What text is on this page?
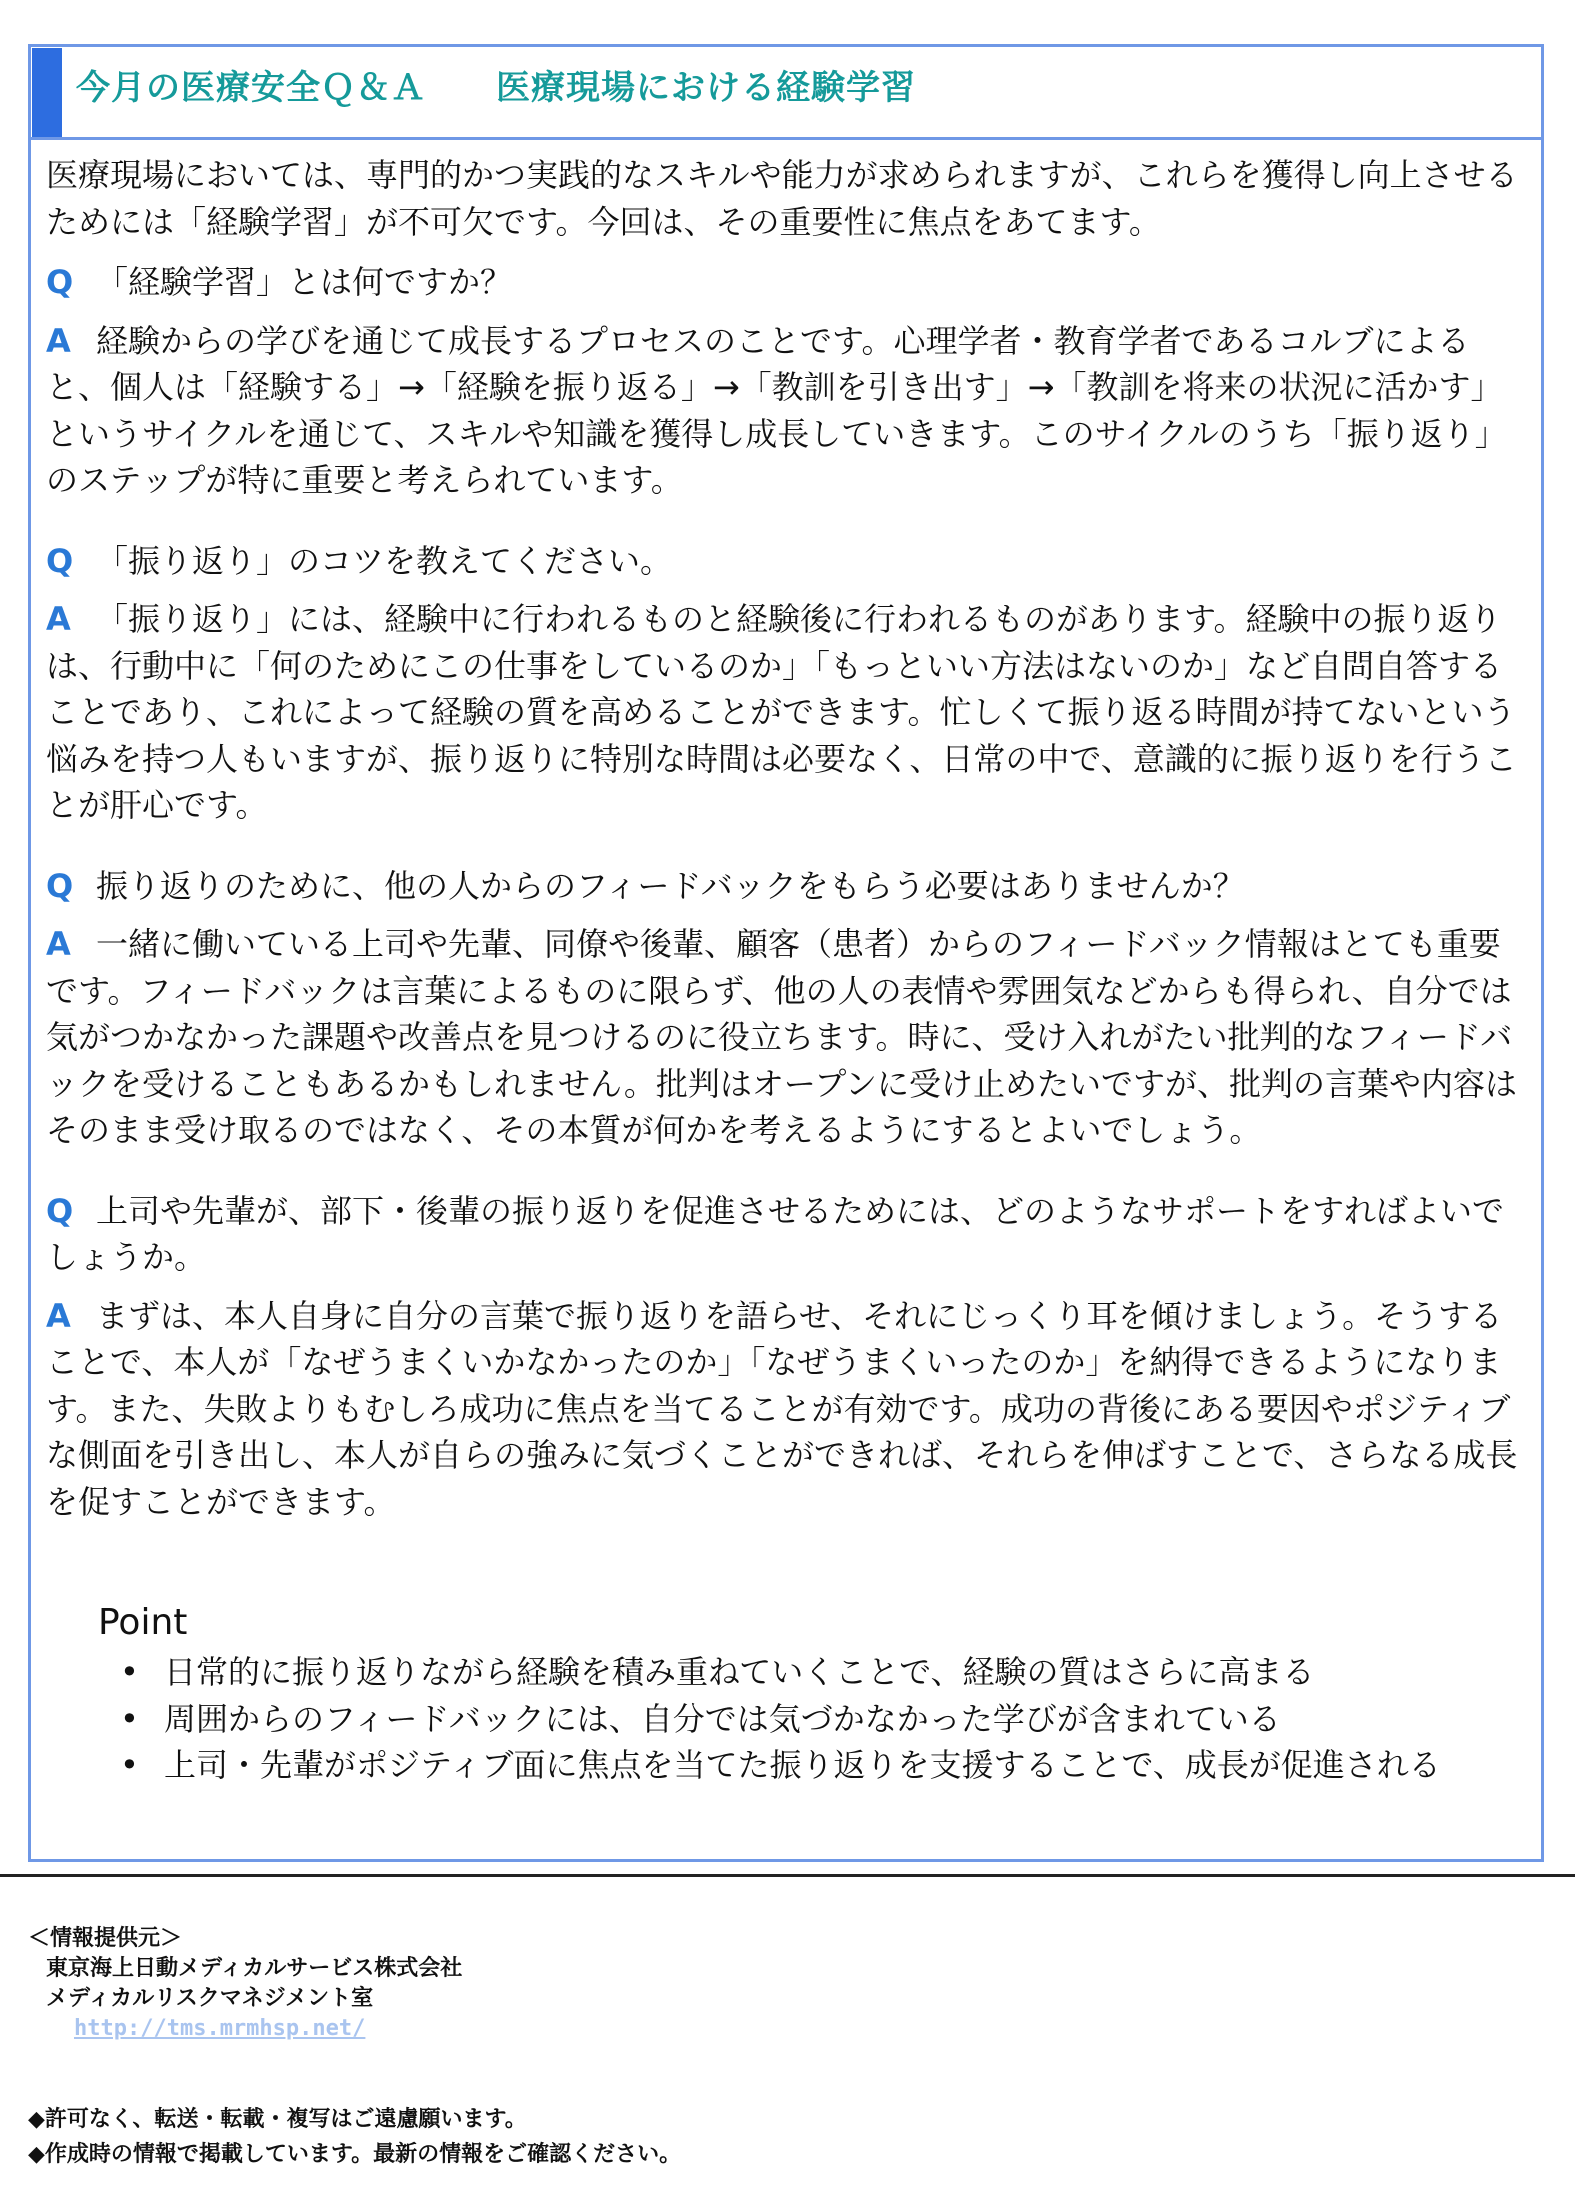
今月の医療安全Ｑ＆Ａ 医療現場における経験学習

医療現場においては、専門的かつ実践的なスキルや能力が求められますが、これらを獲得し向上させるためには「経験学習」が不可欠です。今回は、その重要性に焦点をあてます。

Q 「経験学習」とは何ですか？

A 経験からの学びを通じて成長するプロセスのことです。心理学者・教育学者であるコルブによると、個人は「経験する」→「経験を振り返る」→「教訓を引き出す」→「教訓を将来の状況に活かす」というサイクルを通じて、スキルや知識を獲得し成長していきます。このサイクルのうち「振り返り」のステップが特に重要と考えられています。

Q 「振り返り」のコツを教えてください。

A 「振り返り」には、経験中に行われるものと経験後に行われるものがあります。経験中の振り返りは、行動中に「何のためにこの仕事をしているのか」「もっといい方法はないのか」など自問自答することであり、これによって経験の質を高めることができます。忙しくて振り返る時間が持てないという悩みを持つ人もいますが、振り返りに特別な時間は必要なく、日常の中で、意識的に振り返りを行うことが肝心です。

Q 振り返りのために、他の人からのフィードバックをもらう必要はありませんか？

A 一緒に働いている上司や先輩、同僚や後輩、顧客（患者）からのフィードバック情報はとても重要です。フィードバックは言葉によるものに限らず、他の人の表情や雰囲気などからも得られ、自分では気がつかなかった課題や改善点を見つけるのに役立ちます。時に、受け入れがたい批判的なフィードバックを受けることもあるかもしれません。批判はオープンに受け止めたいですが、批判の言葉や内容はそのまま受け取るのではなく、その本質が何かを考えるようにするとよいでしょう。

Q 上司や先輩が、部下・後輩の振り返りを促進させるためには、どのようなサポートをすればよいでしょうか。

A まずは、本人自身に自分の言葉で振り返りを語らせ、それにじっくり耳を傾けましょう。そうすることで、本人が「なぜうまくいかなかったのか」「なぜうまくいったのか」を納得できるようになります。また、失敗よりもむしろ成功に焦点を当てることが有効です。成功の背後にある要因やポジティブな側面を引き出し、本人が自らの強みに気づくことができれば、それらを伸ばすことで、さらなる成長を促すことができます。

Point

• 日常的に振り返りながら経験を積み重ねていくことで、経験の質はさらに高まる
• 周囲からのフィードバックには、自分では気づかなかった学びが含まれている
• 上司・先輩がポジティブ面に焦点を当てた振り返りを支援することで、成長が促進される
＜情報提供元＞
東京海上日動メディカルサービス株式会社
メディカルリスクマネジメント室
http://tms.mrmhsp.net/
◆許可なく、転送・転載・複写はご遠慮願います。
◆作成時の情報で掲載しています。最新の情報をご確認ください。
